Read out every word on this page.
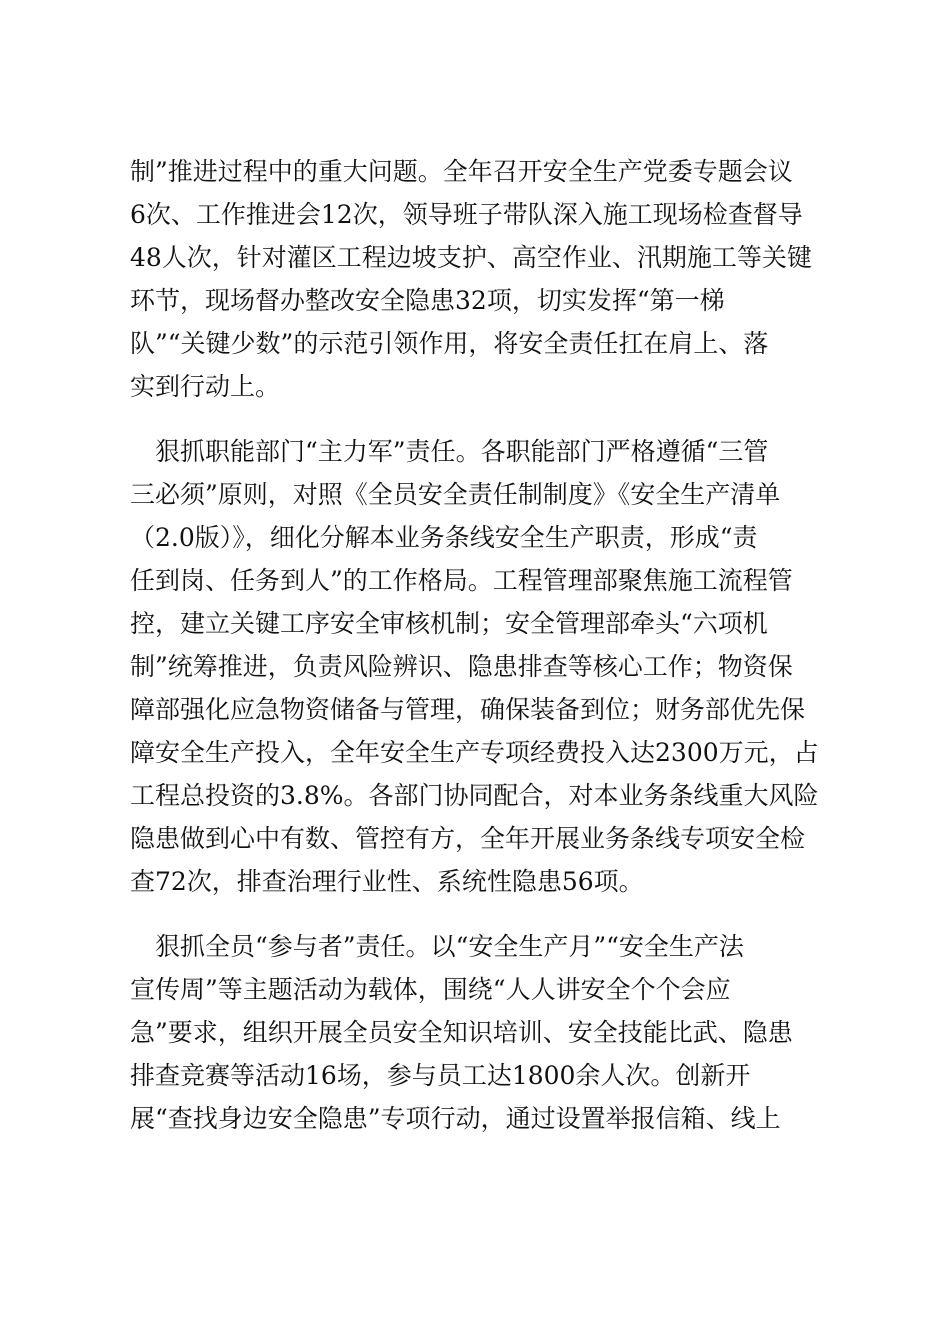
制”推进过程中的重大问题。全年召开安全生产党委专题会议
6次、工作推进会12次，领导班子带队深入施工现场检查督导
48人次，针对灌区工程边坡支护、高空作业、汛期施工等关键
环节，现场督办整改安全隐患32项，切实发挥“第一梯
队”“关键少数”的示范引领作用，将安全责任扛在肩上、落
实到行动上。
　狠抓职能部门“主力军”责任。各职能部门严格遵循“三管
三必须”原则，对照《全员安全责任制制度》《安全生产清单
（2.0版）》，细化分解本业务条线安全生产职责，形成“责
任到岗、任务到人”的工作格局。工程管理部聚焦施工流程管
控，建立关键工序安全审核机制；安全管理部牵头“六项机
制”统筹推进，负责风险辨识、隐患排查等核心工作；物资保
障部强化应急物资储备与管理，确保装备到位；财务部优先保
障安全生产投入，全年安全生产专项经费投入达2300万元，占
工程总投资的3.8%。各部门协同配合，对本业务条线重大风险
隐患做到心中有数、管控有方，全年开展业务条线专项安全检
查72次，排查治理行业性、系统性隐患56项。
　狠抓全员“参与者”责任。以“安全生产月”“安全生产法
宣传周”等主题活动为载体，围绕“人人讲安全个个会应
急”要求，组织开展全员安全知识培训、安全技能比武、隐患
排查竞赛等活动16场，参与员工达1800余人次。创新开
展“查找身边安全隐患”专项行动，通过设置举报信箱、线上
